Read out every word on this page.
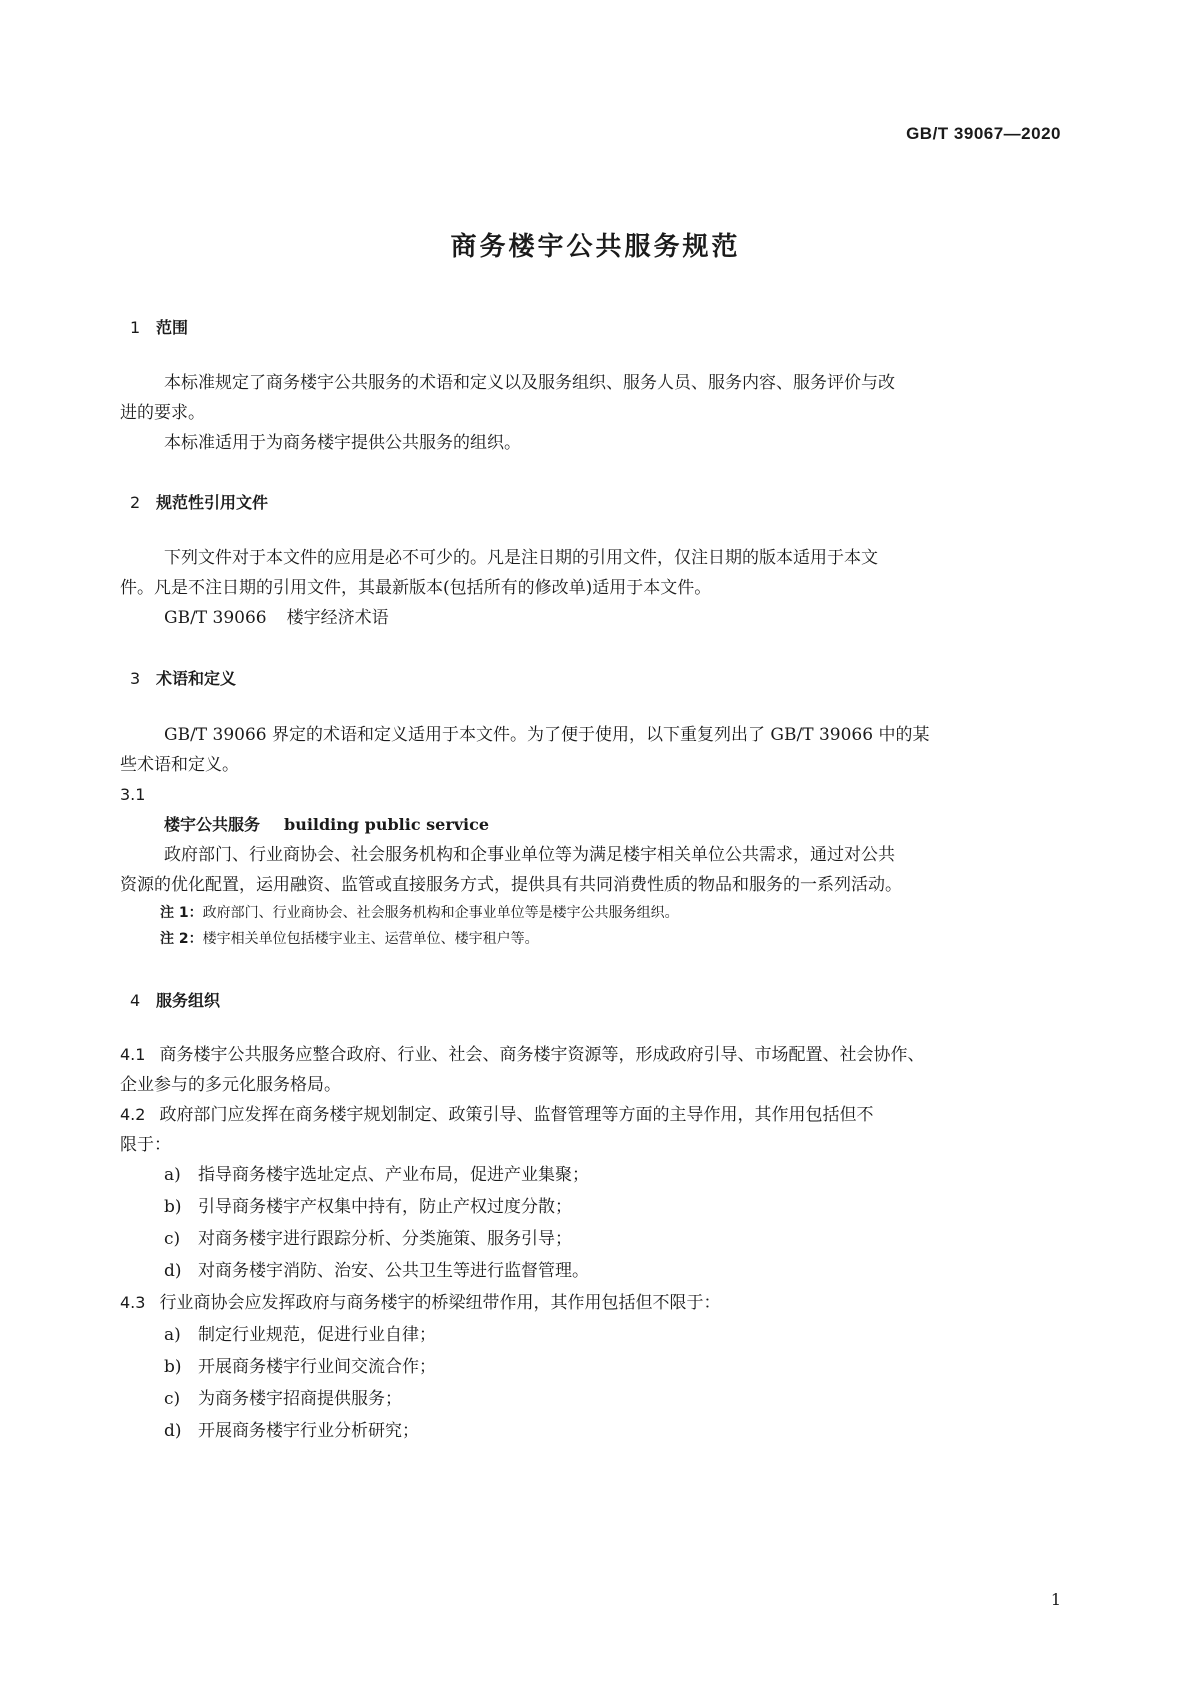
GB/T 39067—2020
商务楼宇公共服务规范
1 范围
本标准规定了商务楼宇公共服务的术语和定义以及服务组织、服务人员、服务内容、服务评价与改
进的要求。
本标准适用于为商务楼宇提供公共服务的组织。
2 规范性引用文件
下列文件对于本文件的应用是必不可少的。凡是注日期的引用文件，仅注日期的版本适用于本文
件。凡是不注日期的引用文件，其最新版本(包括所有的修改单)适用于本文件。
GB/T 39066 楼宇经济术语
3 术语和定义
GB/T 39066 界定的术语和定义适用于本文件。为了便于使用，以下重复列出了 GB/T 39066 中的某
些术语和定义。
3.1
楼宇公共服务 building public service
政府部门、行业商协会、社会服务机构和企事业单位等为满足楼宇相关单位公共需求，通过对公共
资源的优化配置，运用融资、监管或直接服务方式，提供具有共同消费性质的物品和服务的一系列活动。
注 1：政府部门、行业商协会、社会服务机构和企事业单位等是楼宇公共服务组织。
注 2：楼宇相关单位包括楼宇业主、运营单位、楼宇租户等。
4 服务组织
4.1 商务楼宇公共服务应整合政府、行业、社会、商务楼宇资源等，形成政府引导、市场配置、社会协作、
企业参与的多元化服务格局。
4.2 政府部门应发挥在商务楼宇规划制定、政策引导、监督管理等方面的主导作用，其作用包括但不
限于：
a) 指导商务楼宇选址定点、产业布局，促进产业集聚；
b) 引导商务楼宇产权集中持有，防止产权过度分散；
c) 对商务楼宇进行跟踪分析、分类施策、服务引导；
d) 对商务楼宇消防、治安、公共卫生等进行监督管理。
4.3 行业商协会应发挥政府与商务楼宇的桥梁纽带作用，其作用包括但不限于：
a) 制定行业规范，促进行业自律；
b) 开展商务楼宇行业间交流合作；
c) 为商务楼宇招商提供服务；
d) 开展商务楼宇行业分析研究；
1
